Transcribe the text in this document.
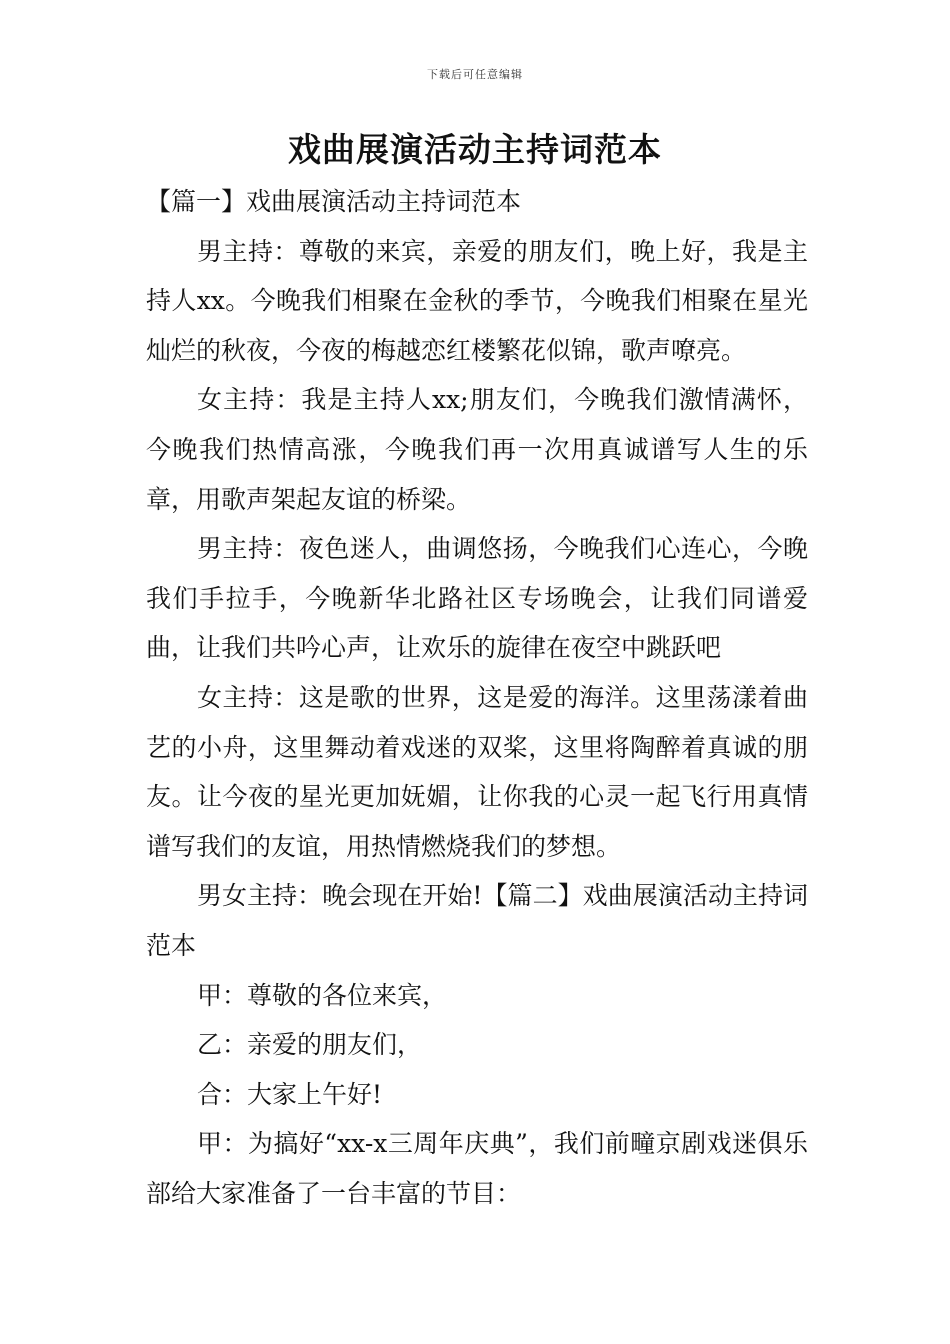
下载后可任意编辑
戏曲展演活动主持词范本

【篇一】戏曲展演活动主持词范本

男主持：尊敬的来宾，亲爱的朋友们，晚上好，我是主持人xx。今晚我们相聚在金秋的季节，今晚我们相聚在星光灿烂的秋夜，今夜的梅越恋红楼繁花似锦，歌声嘹亮。

女主持：我是主持人xx;朋友们，今晚我们激情满怀，今晚我们热情高涨，今晚我们再一次用真诚谱写人生的乐章，用歌声架起友谊的桥梁。

男主持：夜色迷人，曲调悠扬，今晚我们心连心，今晚我们手拉手，今晚新华北路社区专场晚会，让我们同谱爱曲，让我们共吟心声，让欢乐的旋律在夜空中跳跃吧

女主持：这是歌的世界，这是爱的海洋。这里荡漾着曲艺的小舟，这里舞动着戏迷的双桨，这里将陶醉着真诚的朋友。让今夜的星光更加妩媚，让你我的心灵一起飞行用真情谱写我们的友谊，用热情燃烧我们的梦想。

男女主持：晚会现在开始!【篇二】戏曲展演活动主持词范本

甲：尊敬的各位来宾，

乙：亲爱的朋友们，

合：大家上午好!

甲：为搞好“xx-x三周年庆典”，我们前疃京剧戏迷俱乐部给大家准备了一台丰富的节目：
